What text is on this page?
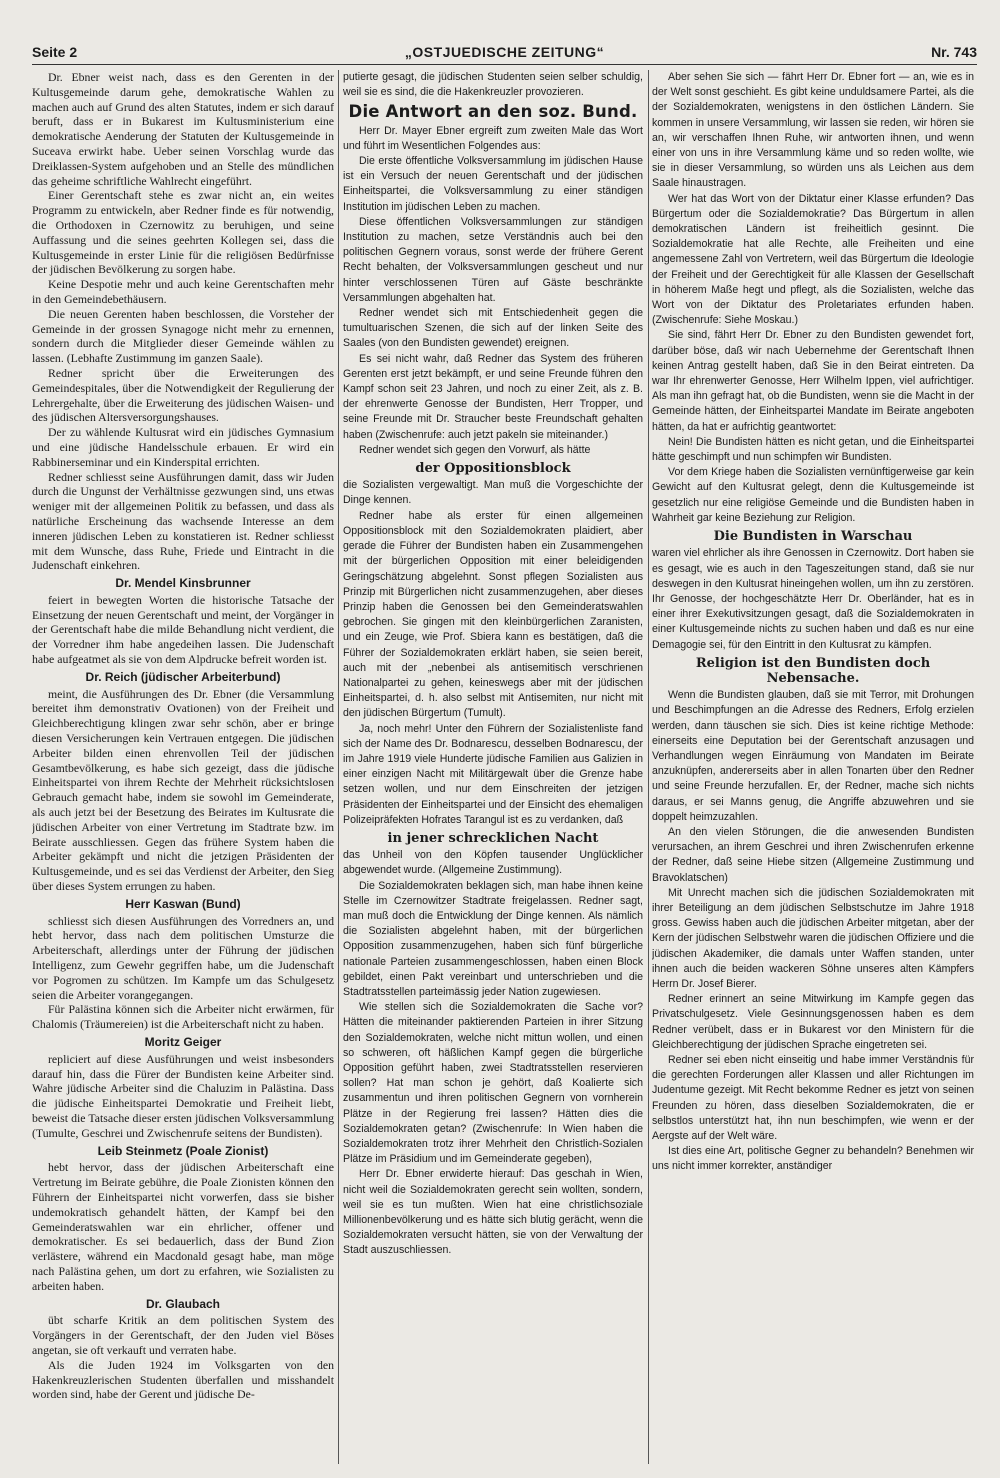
Seite 2	„OSTJUEDISCHE ZEITUNG“	Nr. 743

Dr. Ebner weist nach, dass es den Gerenten in der Kultusgemeinde darum gehe, demokratische Wahlen zu machen auch auf Grund des alten Statutes, indem er sich darauf beruft, dass er in Bukarest im Kultusministerium eine demokratische Aenderung der Statuten der Kultusgemeinde in Suceava erwirkt habe. Ueber seinen Vorschlag wurde das Dreiklassen-System aufgehoben und an Stelle des mündlichen das geheime schriftliche Wahlrecht eingeführt.

Einer Gerentschaft stehe es zwar nicht an, ein weites Programm zu entwickeln, aber Redner finde es für notwendig, die Orthodoxen in Czernowitz zu beruhigen, und seine Auffassung und die seines geehrten Kollegen sei, dass die Kultusgemeinde in erster Linie für die religiösen Bedürfnisse der jüdischen Bevölkerung zu sorgen habe.

Keine Despotie mehr und auch keine Gerentschaften mehr in den Gemeindebethäusern.

Die neuen Gerenten haben beschlossen, die Vorsteher der Gemeinde in der grossen Synagoge nicht mehr zu ernennen, sondern durch die Mitglieder dieser Gemeinde wählen zu lassen. (Lebhafte Zustimmung im ganzen Saale).

Redner spricht über die Erweiterungen des Gemeindespitales, über die Notwendigkeit der Regulierung der Lehrergehalte, über die Erweiterung des jüdischen Waisen- und des jüdischen Altersversorgungshauses.

Der zu wählende Kultusrat wird ein jüdisches Gymnasium und eine jüdische Handelsschule erbauen. Er wird ein Rabbinerseminar und ein Kinderspital errichten.

Redner schliesst seine Ausführungen damit, dass wir Juden durch die Ungunst der Verhältnisse gezwungen sind, uns etwas weniger mit der allgemeinen Politik zu befassen, und dass als natürliche Erscheinung das wachsende Interesse an dem inneren jüdischen Leben zu konstatieren ist. Redner schliesst mit dem Wunsche, dass Ruhe, Friede und Eintracht in die Judenschaft einkehren.

Dr. Mendel Kinsbrunner

feiert in bewegten Worten die historische Tatsache der Einsetzung der neuen Gerentschaft und meint, der Vorgänger in der Gerentschaft habe die milde Behandlung nicht verdient, die der Vorredner ihm habe angedeihen lassen. Die Judenschaft habe aufgeatmet als sie von dem Alpdrucke befreit worden ist.

Dr. Reich (jüdischer Arbeiterbund)

meint, die Ausführungen des Dr. Ebner (die Versammlung bereitet ihm demonstrativ Ovationen) von der Freiheit und Gleichberechtigung klingen zwar sehr schön, aber er bringe diesen Versicherungen kein Vertrauen entgegen. Die jüdischen Arbeiter bilden einen ehrenvollen Teil der jüdischen Gesamtbevölkerung, es habe sich gezeigt, dass die jüdische Einheitspartei von ihrem Rechte der Mehrheit rücksichtslosen Gebrauch gemacht habe, indem sie sowohl im Gemeinderate, als auch jetzt bei der Besetzung des Beirates im Kultusrate die jüdischen Arbeiter von einer Vertretung im Stadtrate bzw. im Beirate ausschliessen. Gegen das frühere System haben die Arbeiter gekämpft und nicht die jetzigen Präsidenten der Kultusgemeinde, und es sei das Verdienst der Arbeiter, den Sieg über dieses System errungen zu haben.

Herr Kaswan (Bund)

schliesst sich diesen Ausführungen des Vorredners an, und hebt hervor, dass nach dem politischen Umsturze die Arbeiterschaft, allerdings unter der Führung der jüdischen Intelligenz, zum Gewehr gegriffen habe, um die Judenschaft vor Pogromen zu schützen. Im Kampfe um das Schulgesetz seien die Arbeiter vorangegangen.

Für Palästina können sich die Arbeiter nicht erwärmen, für Chalomis (Träumereien) ist die Arbeiterschaft nicht zu haben.

Moritz Geiger

repliciert auf diese Ausführungen und weist insbesonders darauf hin, dass die Fürer der Bundisten keine Arbeiter sind. Wahre jüdische Arbeiter sind die Chaluzim in Palästina. Dass die jüdische Einheitspartei Demokratie und Freiheit liebt, beweist die Tatsache dieser ersten jüdischen Volksversammlung (Tumulte, Geschrei und Zwischenrufe seitens der Bundisten).

Leib Steinmetz (Poale Zionist)

hebt hervor, dass der jüdischen Arbeiterschaft eine Vertretung im Beirate gebühre, die Poale Zionisten können den Führern der Einheitspartei nicht vorwerfen, dass sie bisher undemokratisch gehandelt hätten, der Kampf bei den Gemeinderatswahlen war ein ehrlicher, offener und demokratischer. Es sei bedauerlich, dass der Bund Zion verlästere, während ein Macdonald gesagt habe, man möge nach Palästina gehen, um dort zu erfahren, wie Sozialisten zu arbeiten haben.

Dr. Glaubach

übt scharfe Kritik an dem politischen System des Vorgängers in der Gerentschaft, der den Juden viel Böses angetan, sie oft verkauft und verraten habe.

Als die Juden 1924 im Volksgarten von den Hakenkreuzlerischen Studenten überfallen und misshandelt worden sind, habe der Gerent und jüdische De-

putierte gesagt, die jüdischen Studenten seien selber schuldig, weil sie es sind, die die Hakenkreuzler provozieren.

Die Antwort an den soz. Bund.

Herr Dr. Mayer Ebner ergreift zum zweiten Male das Wort und führt im Wesentlichen Folgendes aus:

Die erste öffentliche Volksversammlung im jüdischen Hause ist ein Versuch der neuen Gerentschaft und der jüdischen Einheitspartei, die Volksversammlung zu einer ständigen Institution im jüdischen Leben zu machen.

Diese öffentlichen Volksversammlungen zur ständigen Institution zu machen, setze Verständnis auch bei den politischen Gegnern voraus, sonst werde der frühere Gerent Recht behalten, der Volksversammlungen gescheut und nur hinter verschlossenen Türen auf Gäste beschränkte Versammlungen abgehalten hat.

Redner wendet sich mit Entschiedenheit gegen die tumultuarischen Szenen, die sich auf der linken Seite des Saales (von den Bundisten gewendet) ereignen.

Es sei nicht wahr, daß Redner das System des früheren Gerenten erst jetzt bekämpft, er und seine Freunde führen den Kampf schon seit 23 Jahren, und noch zu einer Zeit, als z. B. der ehrenwerte Genosse der Bundisten, Herr Tropper, und seine Freunde mit Dr. Straucher beste Freundschaft gehalten haben (Zwischenrufe: auch jetzt pakeln sie miteinander.)

Redner wendet sich gegen den Vorwurf, als hätte

der Oppositionsblock

die Sozialisten vergewaltigt. Man muß die Vorgeschichte der Dinge kennen.

Redner habe als erster für einen allgemeinen Oppositionsblock mit den Sozialdemokraten plaidiert, aber gerade die Führer der Bundisten haben ein Zusammengehen mit der bürgerlichen Opposition mit einer beleidigenden Geringschätzung abgelehnt. Sonst pflegen Sozialisten aus Prinzip mit Bürgerlichen nicht zusammenzugehen, aber dieses Prinzip haben die Genossen bei den Gemeinderatswahlen gebrochen. Sie gingen mit den kleinbürgerlichen Zaranisten, und ein Zeuge, wie Prof. Sbiera kann es bestätigen, daß die Führer der Sozialdemokraten erklärt haben, sie seien bereit, auch mit der „nebenbei als antisemitisch verschrienen Nationalpartei zu gehen, keineswegs aber mit der jüdischen Einheitspartei, d. h. also selbst mit Antisemiten, nur nicht mit den jüdischen Bürgertum (Tumult).

Ja, noch mehr! Unter den Führern der Sozialistenliste fand sich der Name des Dr. Bodnarescu, desselben Bodnarescu, der im Jahre 1919 viele Hunderte jüdische Familien aus Galizien in einer einzigen Nacht mit Militärgewalt über die Grenze habe setzen wollen, und nur dem Einschreiten der jetzigen Präsidenten der Einheitspartei und der Einsicht des ehemaligen Polizeipräfekten Hofrates Tarangul ist es zu verdanken, daß

in jener schrecklichen Nacht

das Unheil von den Köpfen tausender Unglücklicher abgewendet wurde. (Allgemeine Zustimmung).

Die Sozialdemokraten beklagen sich, man habe ihnen keine Stelle im Czernowitzer Stadtrate freigelassen. Redner sagt, man muß doch die Entwicklung der Dinge kennen. Als nämlich die Sozialisten abgelehnt haben, mit der bürgerlichen Opposition zusammenzugehen, haben sich fünf bürgerliche nationale Parteien zusammengeschlossen, haben einen Block gebildet, einen Pakt vereinbart und unterschrieben und die Stadtratsstellen parteimässig jeder Nation zugewiesen.

Wie stellen sich die Sozialdemokraten die Sache vor? Hätten die miteinander paktierenden Parteien in ihrer Sitzung den Sozialdemokraten, welche nicht mittun wollen, und einen so schweren, oft häßlichen Kampf gegen die bürgerliche Opposition geführt haben, zwei Stadtratsstellen reservieren sollen? Hat man schon je gehört, daß Koalierte sich zusammentun und ihren politischen Gegnern von vornherein Plätze in der Regierung frei lassen? Hätten dies die Sozialdemokraten getan? (Zwischenrufe: In Wien haben die Sozialdemokraten trotz ihrer Mehrheit den Christlich-Sozialen Plätze im Präsidium und im Gemeinderate gegeben),

Herr Dr. Ebner erwiderte hierauf: Das geschah in Wien, nicht weil die Sozialdemokraten gerecht sein wollten, sondern, weil sie es tun mußten. Wien hat eine christlichsoziale Millionenbevölkerung und es hätte sich blutig gerächt, wenn die Sozialdemokraten versucht hätten, sie von der Verwaltung der Stadt auszuschliessen.

Aber sehen Sie sich — fährt Herr Dr. Ebner fort — an, wie es in der Welt sonst geschieht. Es gibt keine unduldsamere Partei, als die der Sozialdemokraten, wenigstens in den östlichen Ländern. Sie kommen in unsere Versammlung, wir lassen sie reden, wir hören sie an, wir verschaffen Ihnen Ruhe, wir antworten ihnen, und wenn einer von uns in ihre Versammlung käme und so reden wollte, wie sie in dieser Versammlung, so würden uns als Leichen aus dem Saale hinaustragen.

Wer hat das Wort von der Diktatur einer Klasse erfunden? Das Bürgertum oder die Sozialdemokratie? Das Bürgertum in allen demokratischen Ländern ist freiheitlich gesinnt. Die Sozialdemokratie hat alle Rechte, alle Freiheiten und eine angemessene Zahl von Vertretern, weil das Bürgertum die Ideologie der Freiheit und der Gerechtigkeit für alle Klassen der Gesellschaft in höherem Maße hegt und pflegt, als die Sozialisten, welche das Wort von der Diktatur des Proletariates erfunden haben. (Zwischenrufe: Siehe Moskau.)

Sie sind, fährt Herr Dr. Ebner zu den Bundisten gewendet fort, darüber böse, daß wir nach Uebernehme der Gerentschaft Ihnen keinen Antrag gestellt haben, daß Sie in den Beirat eintreten. Da war Ihr ehrenwerter Genosse, Herr Wilhelm Ippen, viel aufrichtiger. Als man ihn gefragt hat, ob die Bundisten, wenn sie die Macht in der Gemeinde hätten, der Einheitspartei Mandate im Beirate angeboten hätten, da hat er aufrichtig geantwortet:

Nein! Die Bundisten hätten es nicht getan, und die Einheitspartei hätte geschimpft und nun schimpfen wir Bundisten.

Vor dem Kriege haben die Sozialisten vernünftigerweise gar kein Gewicht auf den Kultusrat gelegt, denn die Kultusgemeinde ist gesetzlich nur eine religiöse Gemeinde und die Bundisten haben in Wahrheit gar keine Beziehung zur Religion.

Die Bundisten in Warschau

waren viel ehrlicher als ihre Genossen in Czernowitz. Dort haben sie es gesagt, wie es auch in den Tageszeitungen stand, daß sie nur deswegen in den Kultusrat hineingehen wollen, um ihn zu zerstören. Ihr Genosse, der hochgeschätzte Herr Dr. Oberländer, hat es in einer ihrer Exekutivsitzungen gesagt, daß die Sozialdemokraten in einer Kultusgemeinde nichts zu suchen haben und daß es nur eine Demagogie sei, für den Eintritt in den Kultusrat zu kämpfen.

Religion ist den Bundisten doch Nebensache.

Wenn die Bundisten glauben, daß sie mit Terror, mit Drohungen und Beschimpfungen an die Adresse des Redners, Erfolg erzielen werden, dann täuschen sie sich. Dies ist keine richtige Methode: einerseits eine Deputation bei der Gerentschaft anzusagen und Verhandlungen wegen Einräumung von Mandaten im Beirate anzuknüpfen, andererseits aber in allen Tonarten über den Redner und seine Freunde herzufallen. Er, der Redner, mache sich nichts daraus, er sei Manns genug, die Angriffe abzuwehren und sie doppelt heimzuzahlen.

An den vielen Störungen, die die anwesenden Bundisten verursachen, an ihrem Geschrei und ihren Zwischenrufen erkenne der Redner, daß seine Hiebe sitzen (Allgemeine Zustimmung und Bravoklatschen)

Mit Unrecht machen sich die jüdischen Sozialdemokraten mit ihrer Beteiligung an dem jüdischen Selbstschutze im Jahre 1918 gross. Gewiss haben auch die jüdischen Arbeiter mitgetan, aber der Kern der jüdischen Selbstwehr waren die jüdischen Offiziere und die jüdischen Akademiker, die damals unter Waffen standen, unter ihnen auch die beiden wackeren Söhne unseres alten Kämpfers Herrn Dr. Josef Bierer.

Redner erinnert an seine Mitwirkung im Kampfe gegen das Privatschulgesetz. Viele Gesinnungsgenossen haben es dem Redner verübelt, dass er in Bukarest vor den Ministern für die Gleichberechtigung der jüdischen Sprache eingetreten sei.

Redner sei eben nicht einseitig und habe immer Verständnis für die gerechten Forderungen aller Klassen und aller Richtungen im Judentume gezeigt. Mit Recht bekomme Redner es jetzt von seinen Freunden zu hören, dass dieselben Sozialdemokraten, die er selbstlos unterstützt hat, ihn nun beschimpfen, wie wenn er der Aergste auf der Welt wäre.

Ist dies eine Art, politische Gegner zu behandeln? Benehmen wir uns nicht immer korrekter, anständiger
